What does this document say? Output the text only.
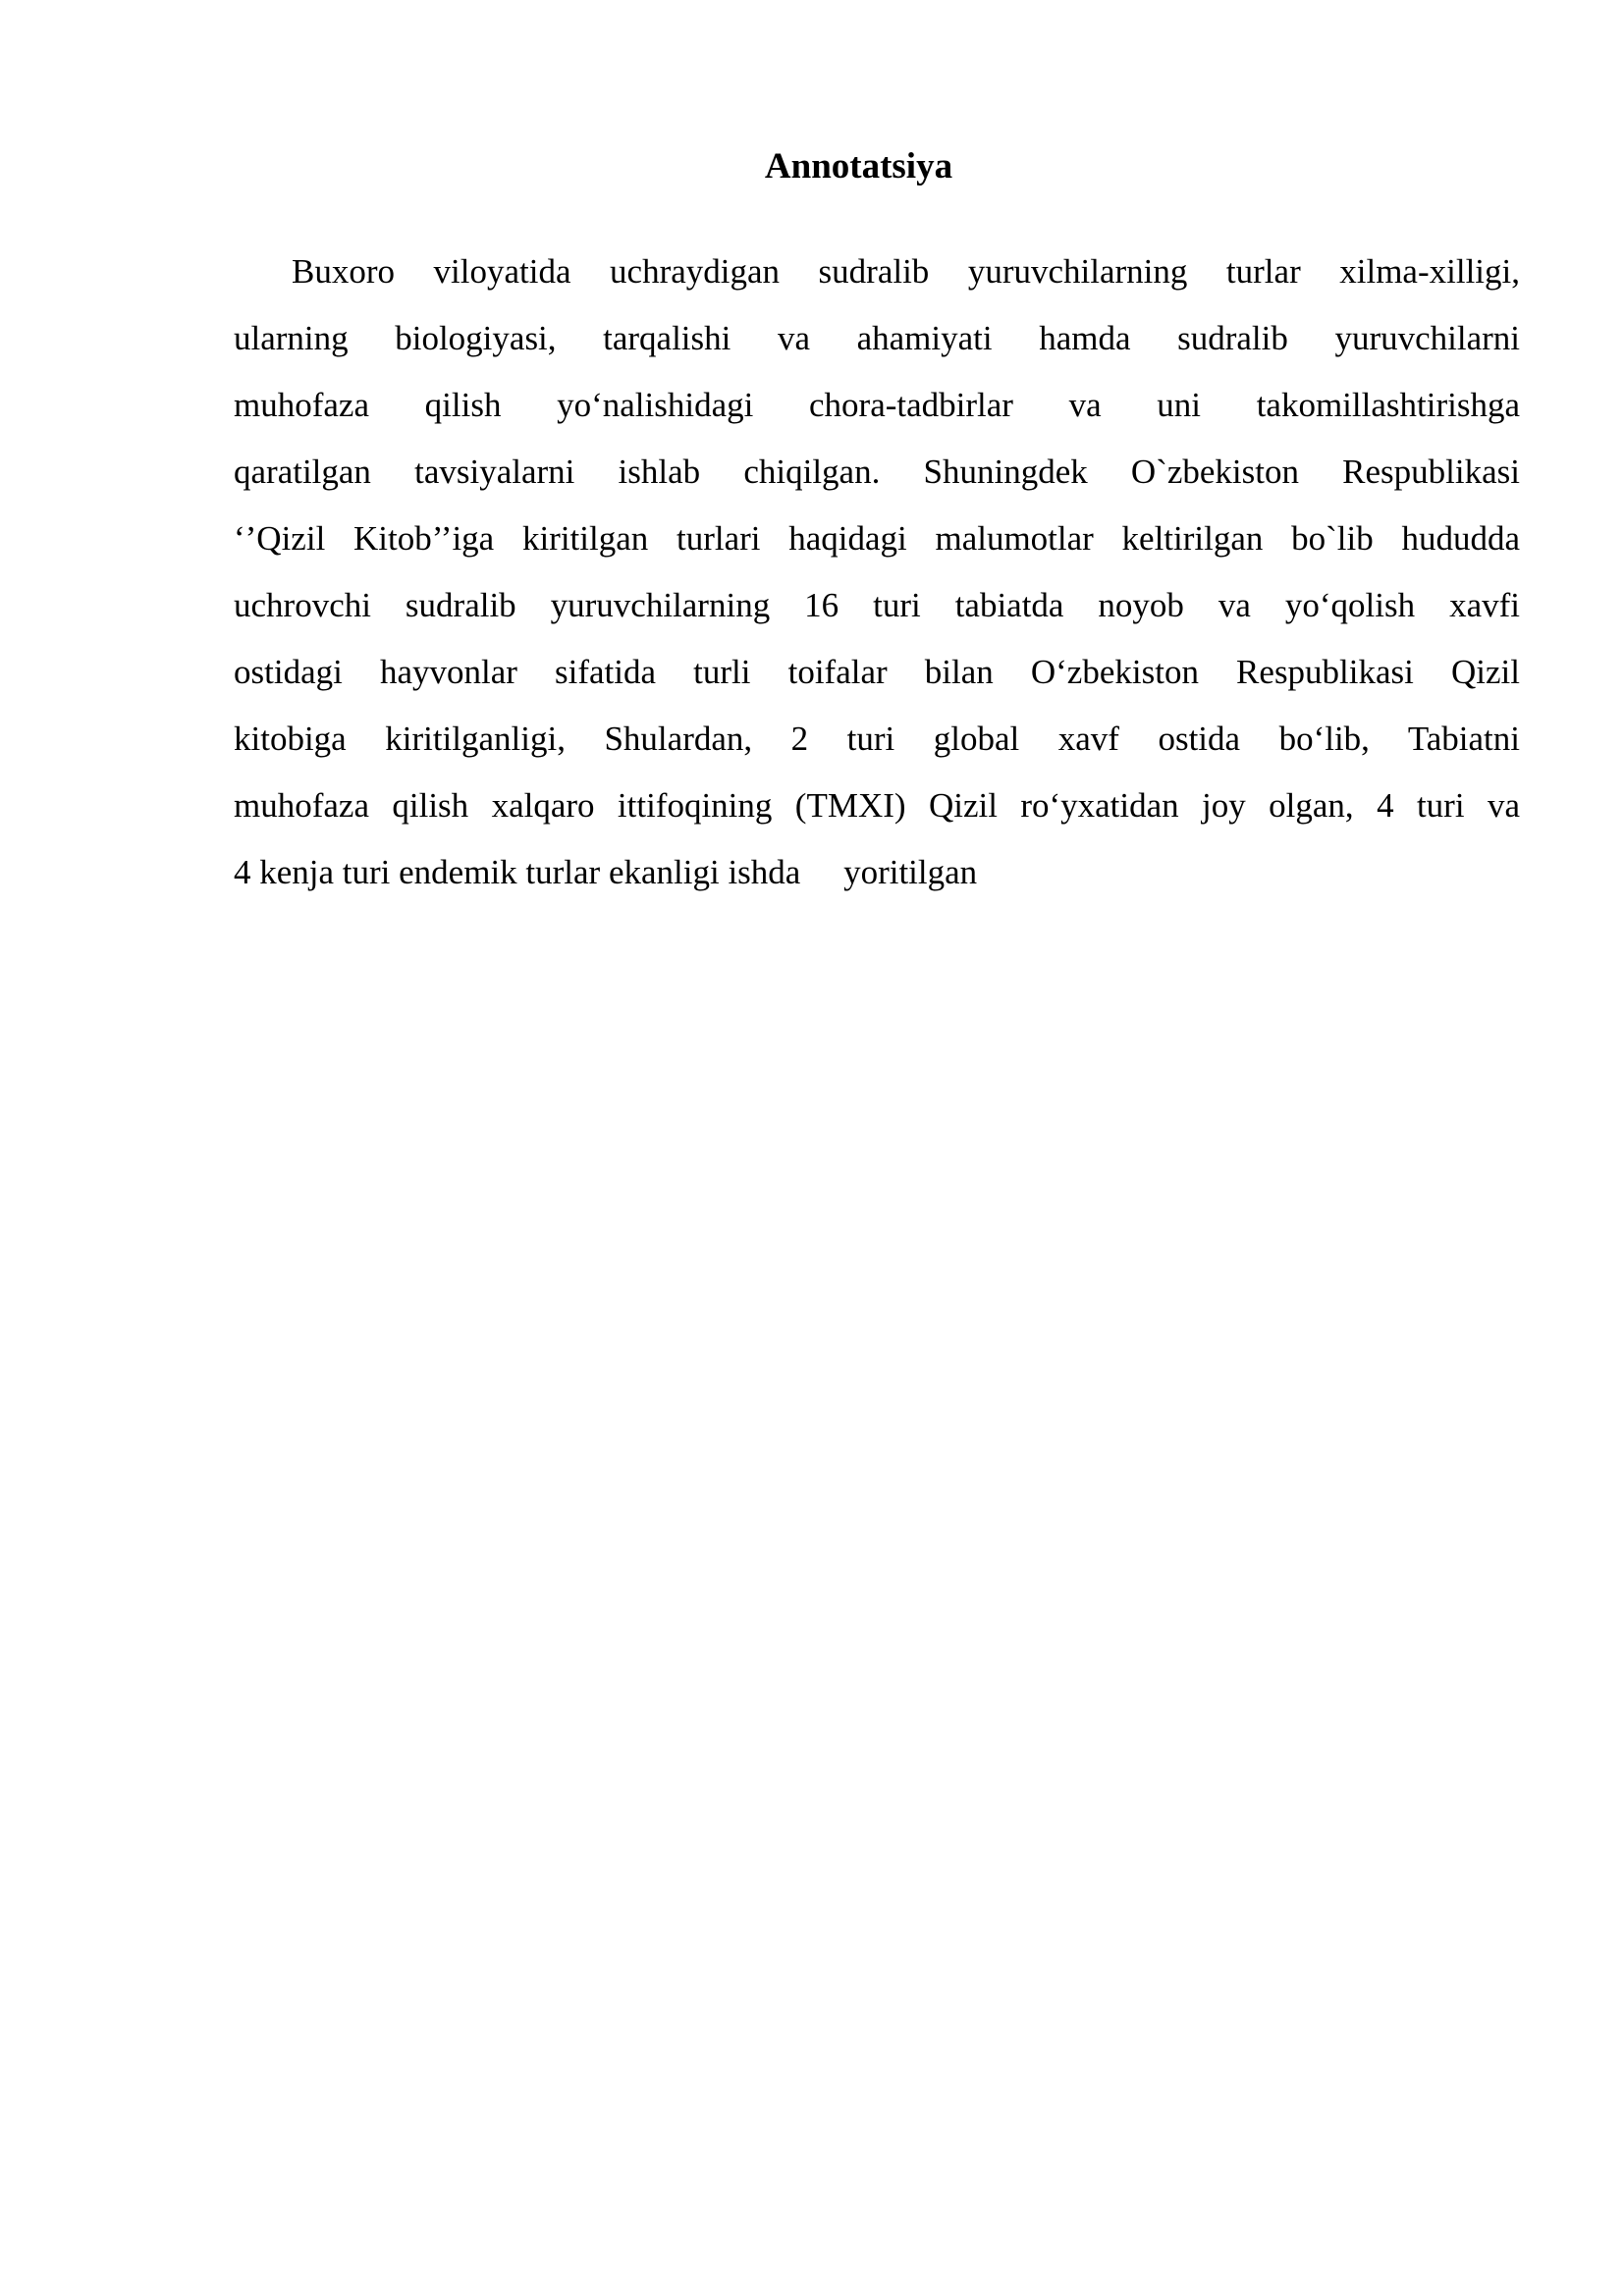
Annotatsiya
Buxoro viloyatida uchraydigan sudralib yuruvchilarning turlar xilma-xilligi,
ularning biologiyasi, tarqalishi va ahamiyati hamda sudralib yuruvchilarni
muhofaza qilish yo‘nalishidagi chora-tadbirlar va uni takomillashtirishga
qaratilgan tavsiyalarni ishlab chiqilgan. Shuningdek O`zbekiston Respublikasi
‘’Qizil Kitob’’iga kiritilgan turlari haqidagi malumotlar keltirilgan bo`lib hududda
uchrovchi sudralib yuruvchilarning 16 turi tabiatda noyob va yo‘qolish xavfi
ostidagi hayvonlar sifatida turli toifalar bilan O‘zbekiston Respublikasi Qizil
kitobiga kiritilganligi, Shulardan, 2 turi global xavf ostida bo‘lib, Tabiatni
muhofaza qilish xalqaro ittifoqining (TMXI) Qizil ro‘yxatidan joy olgan, 4 turi va
4 kenja turi endemik turlar ekanligi ishda     yoritilgan
